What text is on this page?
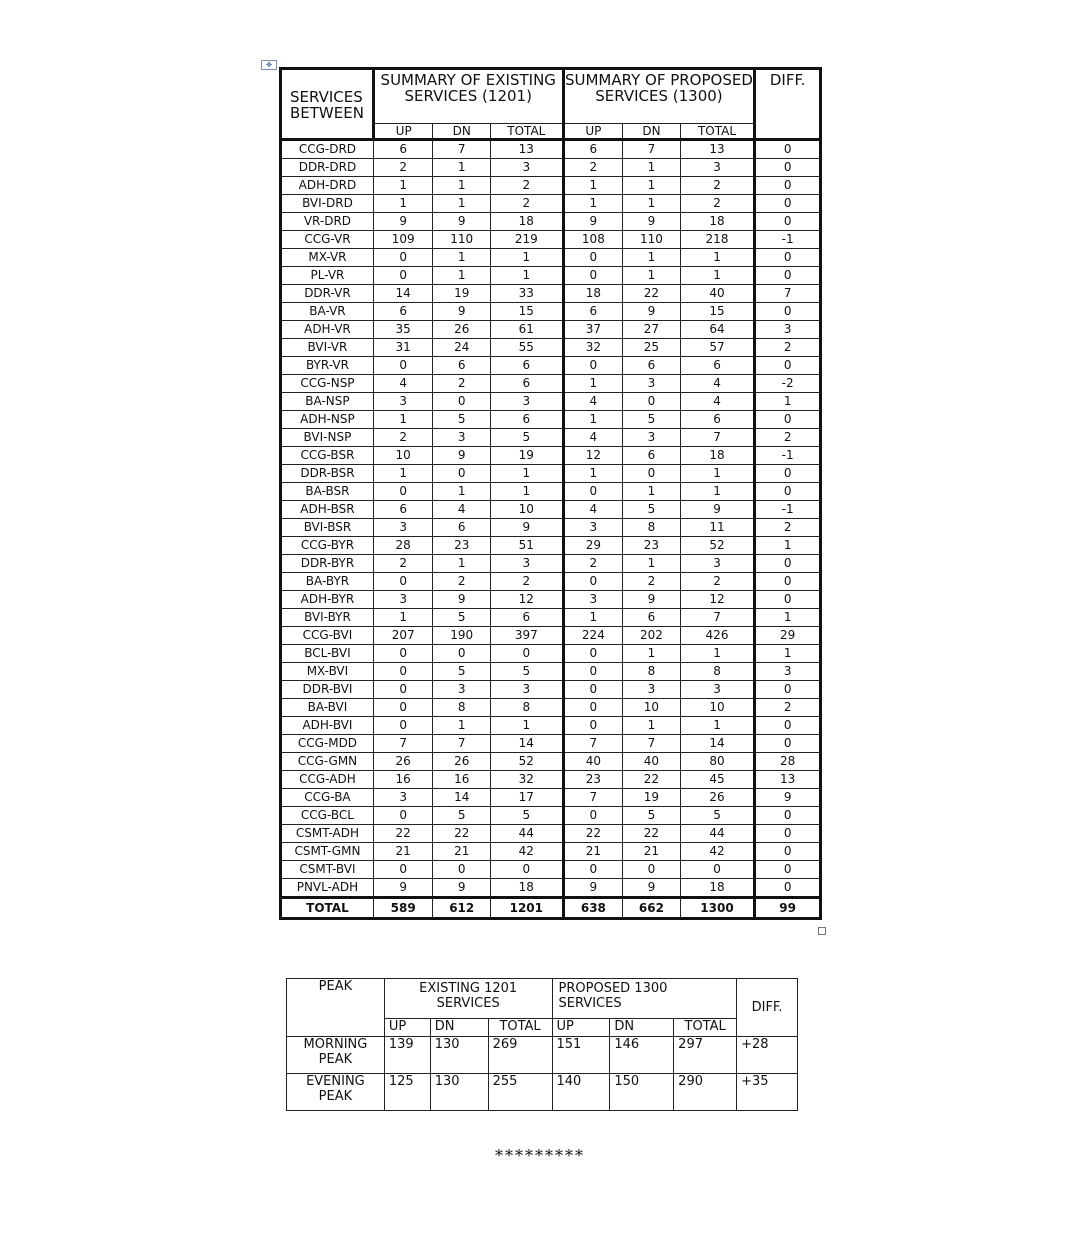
✥
SERVICES BETWEEN	SUMMARY OF EXISTING SERVICES (1201)			SUMMARY OF PROPOSED SERVICES (1300)			DIFF.
	UP	DN	TOTAL	UP	DN	TOTAL	
CCG-DRD	6	7	13	6	7	13	0
DDR-DRD	2	1	3	2	1	3	0
ADH-DRD	1	1	2	1	1	2	0
BVI-DRD	1	1	2	1	1	2	0
VR-DRD	9	9	18	9	9	18	0
CCG-VR	109	110	219	108	110	218	-1
MX-VR	0	1	1	0	1	1	0
PL-VR	0	1	1	0	1	1	0
DDR-VR	14	19	33	18	22	40	7
BA-VR	6	9	15	6	9	15	0
ADH-VR	35	26	61	37	27	64	3
BVI-VR	31	24	55	32	25	57	2
BYR-VR	0	6	6	0	6	6	0
CCG-NSP	4	2	6	1	3	4	-2
BA-NSP	3	0	3	4	0	4	1
ADH-NSP	1	5	6	1	5	6	0
BVI-NSP	2	3	5	4	3	7	2
CCG-BSR	10	9	19	12	6	18	-1
DDR-BSR	1	0	1	1	0	1	0
BA-BSR	0	1	1	0	1	1	0
ADH-BSR	6	4	10	4	5	9	-1
BVI-BSR	3	6	9	3	8	11	2
CCG-BYR	28	23	51	29	23	52	1
DDR-BYR	2	1	3	2	1	3	0
BA-BYR	0	2	2	0	2	2	0
ADH-BYR	3	9	12	3	9	12	0
BVI-BYR	1	5	6	1	6	7	1
CCG-BVI	207	190	397	224	202	426	29
BCL-BVI	0	0	0	0	1	1	1
MX-BVI	0	5	5	0	8	8	3
DDR-BVI	0	3	3	0	3	3	0
BA-BVI	0	8	8	0	10	10	2
ADH-BVI	0	1	1	0	1	1	0
CCG-MDD	7	7	14	7	7	14	0
CCG-GMN	26	26	52	40	40	80	28
CCG-ADH	16	16	32	23	22	45	13
CCG-BA	3	14	17	7	19	26	9
CCG-BCL	0	5	5	0	5	5	0
CSMT-ADH	22	22	44	22	22	44	0
CSMT-GMN	21	21	42	21	21	42	0
CSMT-BVI	0	0	0	0	0	0	0
PNVL-ADH	9	9	18	9	9	18	0
TOTAL	589	612	1201	638	662	1300	99
PEAK	EXISTING 1201 SERVICES			PROPOSED 1300 SERVICES			DIFF.
	UP	DN	TOTAL	UP	DN	TOTAL	
MORNING PEAK	139	130	269	151	146	297	+28
EVENING PEAK	125	130	255	140	150	290	+35
*********
